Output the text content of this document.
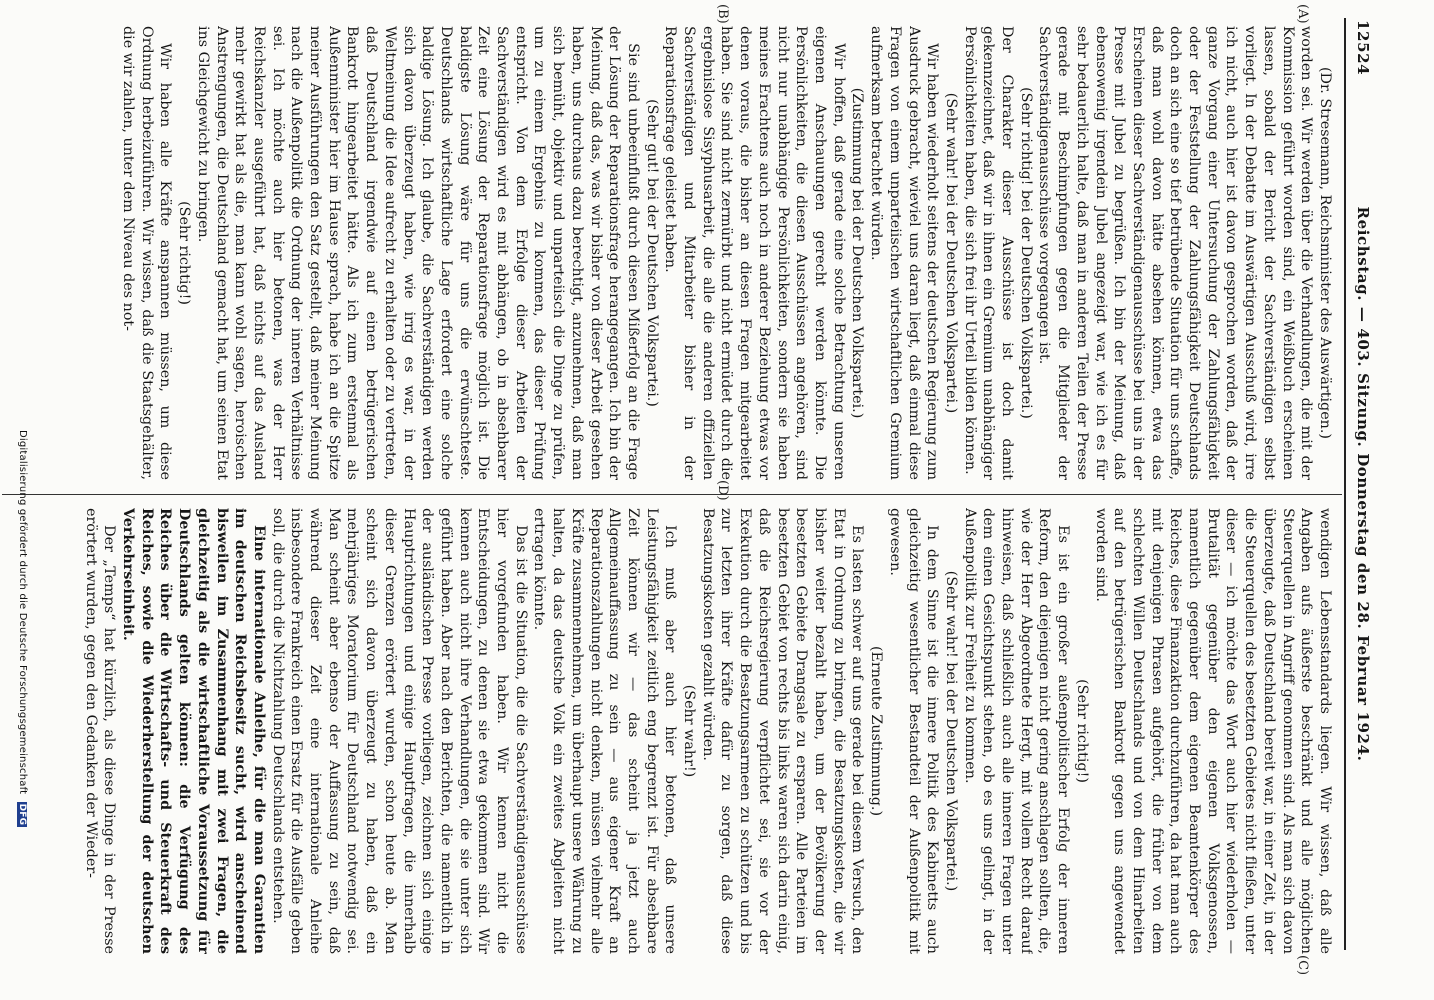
12524
Reichstag. — 403. Sitzung. Donnerstag den 28. Februar 1924.
(A)
(B)
(C)
(D)

(Dr. Stresemann, Reichsminister des Auswärtigen.)

worden sei. Wir werden über die Verhandlungen, die mit der Kommission geführt worden sind, ein Weißbuch erscheinen lassen, sobald der Bericht der Sachverständigen selbst vorliegt. In der Debatte im Auswärtigen Ausschuß wird, irre ich nicht, auch hier ist davon gesprochen worden, daß der ganze Vorgang einer Untersuchung der Zahlungsfähigkeit oder der Feststellung der Zahlungsfähigkeit Deutschlands doch an sich eine so tief betrübende Situation für uns schaffe, daß man wohl davon hätte absehen können, etwa das Erscheinen dieser Sachverständigenausschüsse bei uns in der Presse mit Jubel zu begrüßen. Ich bin der Meinung, daß ebensowenig irgendein Jubel angezeigt war, wie ich es für sehr bedauerlich halte, daß man in anderen Teilen der Presse gerade mit Beschimpfungen gegen die Mitglieder der Sachverständigenausschüsse vorgegangen ist.

(Sehr richtig! bei der Deutschen Volkspartei.)

Der Charakter dieser Ausschüsse ist doch damit gekennzeichnet, daß wir in ihnen ein Gremium unabhängiger Persönlichkeiten haben, die sich frei ihr Urteil bilden können.

(Sehr wahr! bei der Deutschen Volkspartei.)

Wir haben wiederholt seitens der deutschen Regierung zum Ausdruck gebracht, wieviel uns daran liegt, daß einmal diese Fragen von einem unparteiischen wirtschaftlichen Gremium aufmerksam betrachtet würden.

(Zustimmung bei der Deutschen Volkspartei.)

Wir hoffen, daß gerade eine solche Betrachtung unseren eigenen Anschauungen gerecht werden könnte. Die Persönlichkeiten, die diesen Ausschüssen angehören, sind nicht nur unabhängige Persönlichkeiten, sondern sie haben meines Erachtens auch noch in anderer Beziehung etwas vor denen voraus, die bisher an diesen Fragen mitgearbeitet haben. Sie sind nicht zermürbt und nicht ermüdet durch die ergebnislose Sisyphusarbeit, die alle die anderen offiziellen Sachverständigen und Mitarbeiter bisher in der Reparationsfrage geleistet haben.

(Sehr gut! bei der Deutschen Volkspartei.)

Sie sind unbeeinflußt durch diesen Mißerfolg an die Frage der Lösung der Reparationsfrage herangegangen. Ich bin der Meinung, daß das, was wir bisher von dieser Arbeit gesehen haben, uns durchaus dazu berechtigt, anzunehmen, daß man sich bemüht, objektiv und unparteiisch die Dinge zu prüfen, um zu einem Ergebnis zu kommen, das dieser Prüfung entspricht. Von dem Erfolge dieser Arbeiten der Sachverständigen wird es mit abhängen, ob in absehbarer Zeit eine Lösung der Reparationsfrage möglich ist. Die baldigste Lösung wäre für uns die erwünschteste. Deutschlands wirtschaftliche Lage erfordert eine solche baldige Lösung. Ich glaube, die Sachverständigen werden sich davon überzeugt haben, wie irrig es war, in der Weltmeinung die Idee aufrecht zu erhalten oder zu vertreten, daß Deutschland irgendwie auf einen betrügerischen Bankrott hingearbeitet hätte. Als ich zum erstenmal als Außenminister hier im Hause sprach, habe ich an die Spitze meiner Ausführungen den Satz gestellt, daß meiner Meinung nach die Außenpolitik die Ordnung der inneren Verhältnisse sei. Ich möchte auch hier betonen, was der Herr Reichskanzler ausgeführt hat, daß nichts auf das Ausland mehr gewirkt hat als die, man kann wohl sagen, heroischen Anstrengungen, die Deutschland gemacht hat, um seinen Etat ins Gleichgewicht zu bringen.

(Sehr richtig!)

Wir haben alle Kräfte anspannen müssen, um diese Ordnung herbeizuführen. Wir wissen, daß die Staatsgehälter, die wir zahlen, unter dem Niveau des not-

wendigen Lebensstandards liegen. Wir wissen, daß alle Angaben aufs äußerste beschränkt und alle möglichen Steuerquellen in Angriff genommen sind. Als man sich davon überzeugte, daß Deutschland bereit war, in einer Zeit, in der die Steuerquellen des besetzten Gebietes nicht fließen, unter dieser — ich möchte das Wort auch hier wiederholen — Brutalität gegenüber den eigenen Volksgenossen, namentlich gegenüber dem eigenen Beamtenkörper des Reiches, diese Finanzaktion durchzuführen, da hat man auch mit denjenigen Phrasen aufgehört, die früher von dem schlechten Willen Deutschlands und von dem Hinarbeiten auf den betrügerischen Bankrott gegen uns angewendet worden sind.

(Sehr richtig!)

Es ist ein großer außenpolitischer Erfolg der inneren Reform, den diejenigen nicht gering anschlagen sollten, die, wie der Herr Abgeordnete Hergt, mit vollem Recht darauf hinweisen, daß schließlich auch alle inneren Fragen unter dem einen Gesichtspunkt stehen, ob es uns gelingt, in der Außenpolitik zur Freiheit zu kommen.

(Sehr wahr! bei der Deutschen Volkspartei.)

In dem Sinne ist die innere Politik des Kabinetts auch gleichzeitig wesentlicher Bestandteil der Außenpolitik mit gewesen.

(Erneute Zustimmung.)

Es lasten schwer auf uns gerade bei diesem Versuch, den Etat in Ordnung zu bringen, die Besatzungskosten, die wir bisher weiter bezahlt haben, um der Bevölkerung der besetzten Gebiete Drangsale zu ersparen. Alle Parteien im besetzten Gebiet von rechts bis links waren sich darin einig, daß die Reichsregierung verpflichtet sei, sie vor der Exekution durch die Besatzungsarmeen zu schützen und bis zur letzten ihrer Kräfte dafür zu sorgen, daß diese Besatzungskosten gezahlt würden.

(Sehr wahr!)

Ich muß aber auch hier betonen, daß unsere Leistungsfähigkeit zeitlich eng begrenzt ist. Für absehbare Zeit können wir — das scheint ja jetzt auch Allgemeinauffassung zu sein — aus eigener Kraft an Reparationszahlungen nicht denken, müssen vielmehr alle Kräfte zusammennehmen, um überhaupt unsere Währung zu halten, da das deutsche Volk ein zweites Abgleiten nicht ertragen könnte.

Das ist die Situation, die die Sachverständigenausschüsse hier vorgefunden haben. Wir kennen nicht die Entscheidungen, zu denen sie etwa gekommen sind. Wir kennen auch nicht ihre Verhandlungen, die sie unter sich geführt haben. Aber nach den Berichten, die namentlich in der ausländischen Presse vorliegen, zeichnen sich einige Hauptrichtungen und einige Hauptfragen, die innerhalb dieser Grenzen erörtert wurden, schon heute ab. Man scheint sich davon überzeugt zu haben, daß ein mehrjähriges Moratorium für Deutschland notwendig sei. Man scheint aber ebenso der Auffassung zu sein, daß während dieser Zeit eine internationale Anleihe insbesondere Frankreich einen Ersatz für die Ausfälle geben soll, die durch die Nichtzahlung Deutschlands entstehen.

Eine internationale Anleihe, für die man Garantien im deutschen Reichsbesitz sucht, wird anscheinend bisweilen im Zusammenhang mit zwei Fragen, die gleichzeitig als die wirtschaftliche Voraussetzung für Deutschlands gelten können: die Verfügung des Reiches über die Wirtschafts- und Steuerkraft des Reiches, sowie die Wiederherstellung der deutschen Verkehrseinheit.

Der „Temps“ hat kürzlich, als diese Dinge in der Presse erörtert wurden, gegen den Gedanken der Wieder-

Digitalisierung gefördert durch die Deutsche Forschungsgemeinschaft DFG
